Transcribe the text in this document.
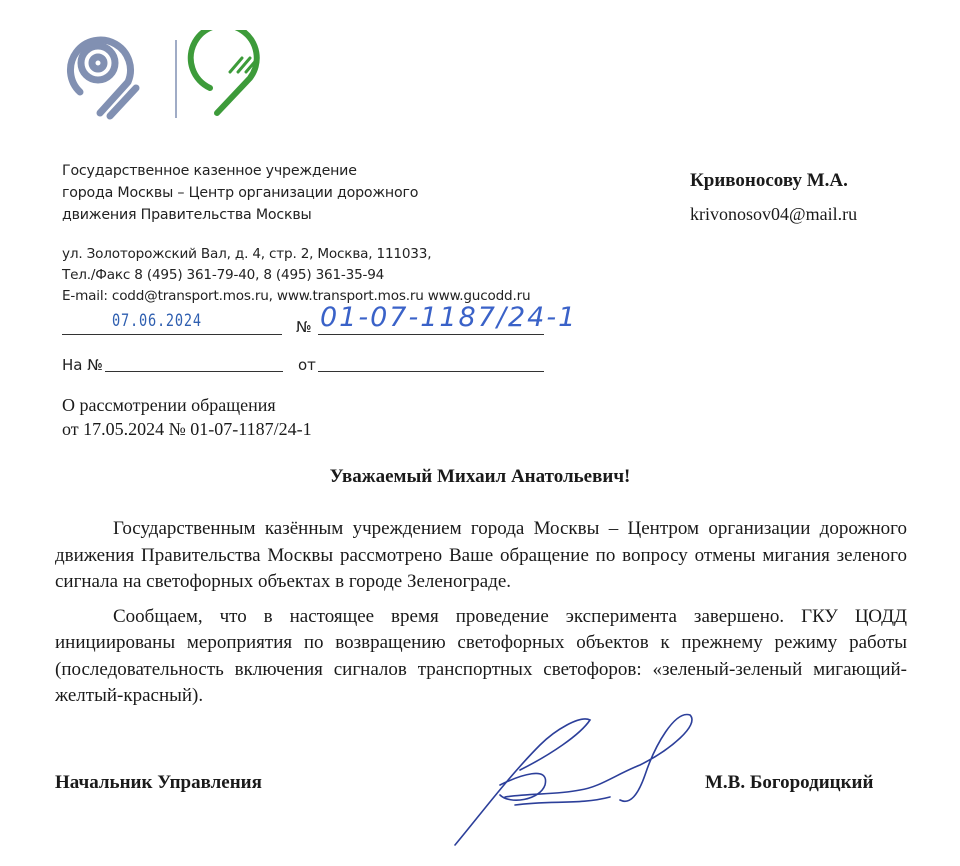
Государственное казенное учреждение
города Москвы – Центр организации дорожного
движения Правительства Москвы
ул. Золоторожский Вал, д. 4, стр. 2, Москва, 111033,
Тел./Факс 8 (495) 361-79-40, 8 (495) 361-35-94
E-mail: codd@transport.mos.ru, www.transport.mos.ru www.gucodd.ru
07.06.2024	№ 01-07-1187/24-1
На №	от
Кривоносову М.А.
krivonosov04@mail.ru
О рассмотрении обращения
от 17.05.2024 № 01-07-1187/24-1
Уважаемый Михаил Анатольевич!

Государственным казённым учреждением города Москвы – Центром организации дорожного движения Правительства Москвы рассмотрено Ваше обращение по вопросу отмены мигания зеленого сигнала на светофорных объектах в городе Зеленограде.

Сообщаем, что в настоящее время проведение эксперимента завершено. ГКУ ЦОДД инициированы мероприятия по возвращению светофорных объектов к прежнему режиму работы (последовательность включения сигналов транспортных светофоров: «зеленый-зеленый мигающий-желтый-красный).

Начальник Управления	М.В. Богородицкий
